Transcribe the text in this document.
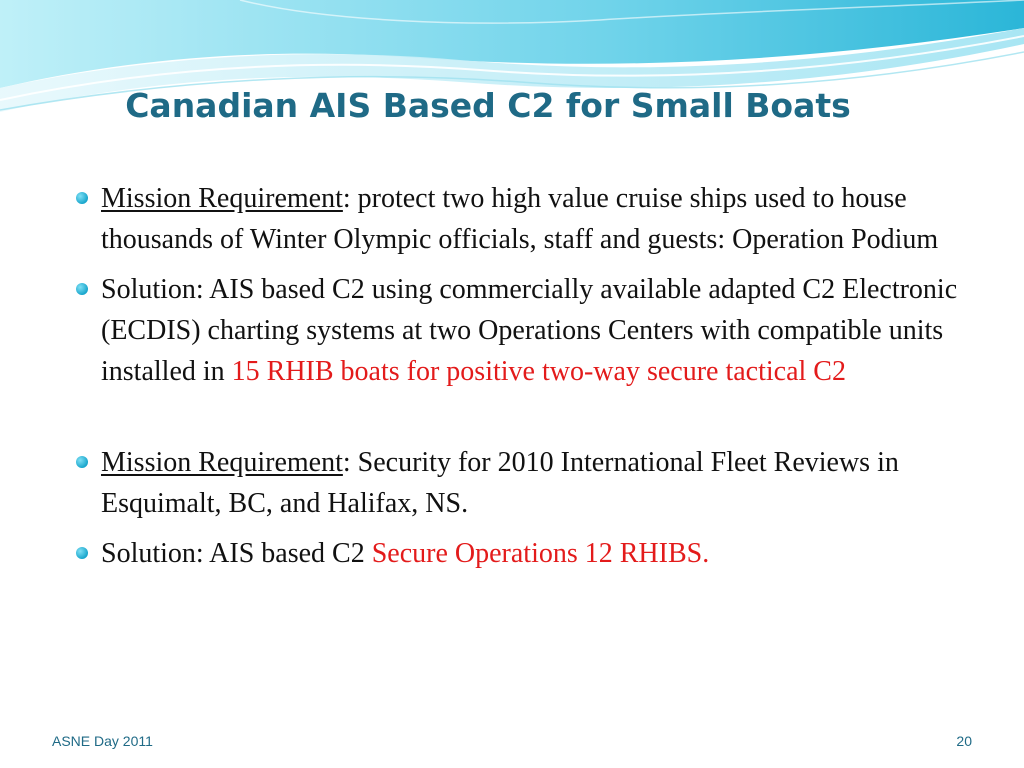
Canadian AIS Based C2 for Small Boats
Mission Requirement: protect two high value cruise ships used to house thousands of Winter Olympic officials, staff and guests: Operation Podium
Solution: AIS based C2 using commercially available adapted C2 Electronic (ECDIS) charting systems at two Operations Centers with compatible units installed in 15 RHIB boats for positive two-way secure tactical C2
Mission Requirement: Security for 2010 International Fleet Reviews in Esquimalt, BC, and Halifax, NS.
Solution: AIS based C2 Secure Operations 12 RHIBS.
ASNE Day 2011	20
